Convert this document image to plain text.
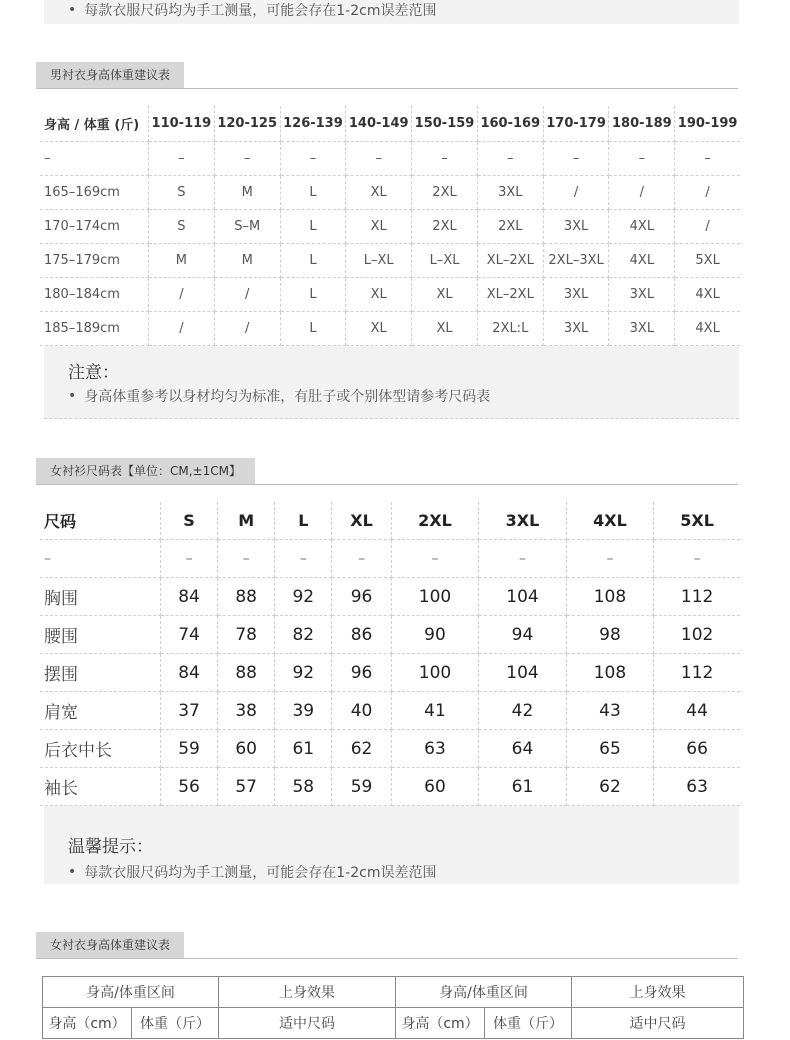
• 每款衣服尺码均为手工测量，可能会存在1-2cm误差范围
男衬衣身高体重建议表
身高 / 体重 (斤)	110-119	120-125	126-139	140-149	150-159	160-169	170-179	180-189	190-199
–	–	–	–	–	–	–	–	–	–
165–169cm	S	M	L	XL	2XL	3XL	/	/	/
170–174cm	S	S–M	L	XL	2XL	2XL	3XL	4XL	/
175–179cm	M	M	L	L–XL	L–XL	XL–2XL	2XL–3XL	4XL	5XL
180–184cm	/	/	L	XL	XL	XL–2XL	3XL	3XL	4XL
185–189cm	/	/	L	XL	XL	2XL:L	3XL	3XL	4XL
注意：
• 身高体重参考以身材均匀为标准，有肚子或个别体型请参考尺码表
女衬衫尺码表【单位：CM,±1CM】
尺码	S	M	L	XL	2XL	3XL	4XL	5XL
–	–	–	–	–	–	–	–	–
胸围	84	88	92	96	100	104	108	112
腰围	74	78	82	86	90	94	98	102
摆围	84	88	92	96	100	104	108	112
肩宽	37	38	39	40	41	42	43	44
后衣中长	59	60	61	62	63	64	65	66
袖长	56	57	58	59	60	61	62	63
温馨提示：
• 每款衣服尺码均为手工测量，可能会存在1-2cm误差范围
女衬衣身高体重建议表
身高/体重区间		上身效果	身高/体重区间		上身效果
身高（cm）	体重（斤）	适中尺码	身高（cm）	体重（斤）	适中尺码
